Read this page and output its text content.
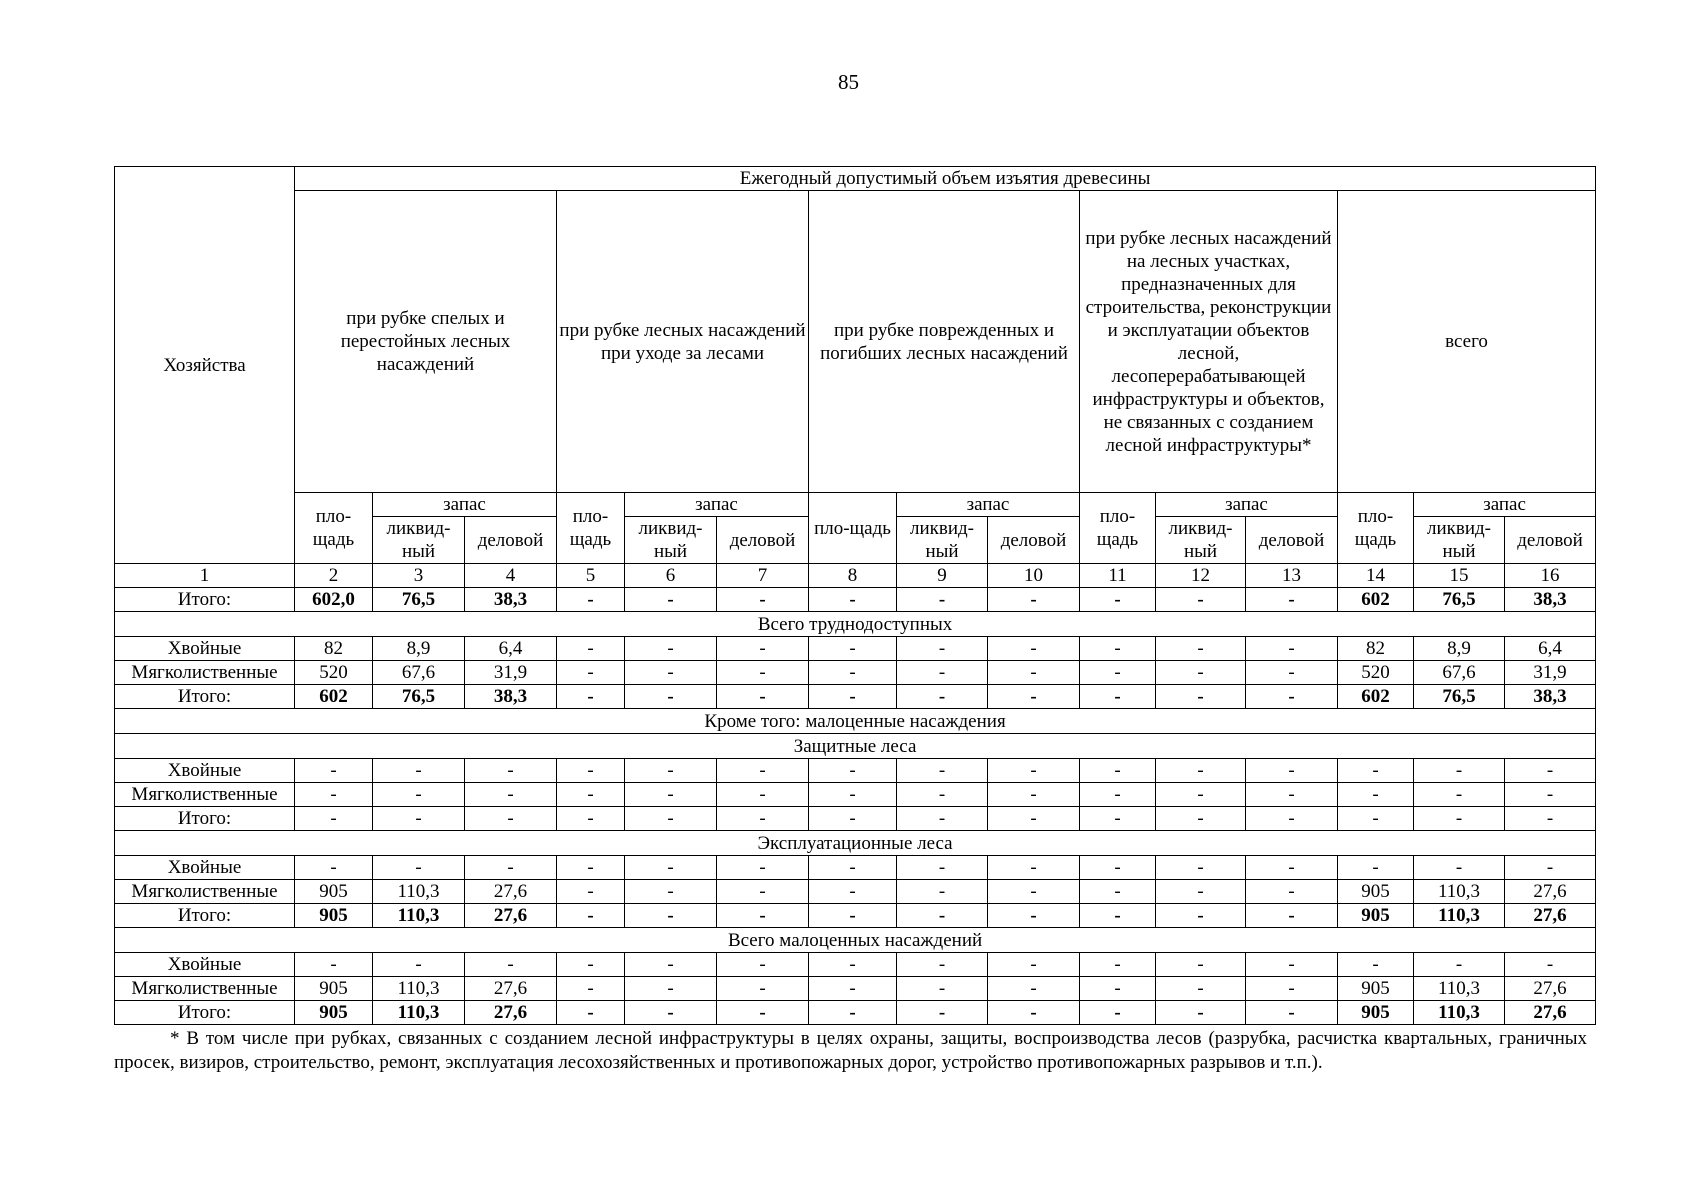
85
Хозяйства	Ежегодный допустимый объем изъятия древесины														
	при рубке спелых и перестойных лесных насаждений			при рубке лесных насаждений при уходе за лесами			при рубке поврежденных и погибших лесных насаждений			при рубке лесных насаждений на лесных участках, предназначенных для строительства, реконструкции и эксплуатации объектов лесной, лесоперерабатывающей инфраструктуры и объектов, не связанных с созданием лесной инфраструктуры*			всего		
	пло-щадь	запас		пло-щадь	запас		пло-щадь	запас		пло-щадь	запас		пло-щадь	запас	
		ликвид-ный	деловой		ликвид-ный	деловой		ликвид-ный	деловой		ликвид-ный	деловой		ликвид-ный	деловой
1	2	3	4	5	6	7	8	9	10	11	12	13	14	15	16
Итого:	602,0	76,5	38,3	-	-	-	-	-	-	-	-	-	602	76,5	38,3
Всего труднодоступных															
Хвойные	82	8,9	6,4	-	-	-	-	-	-	-	-	-	82	8,9	6,4
Мягколиственные	520	67,6	31,9	-	-	-	-	-	-	-	-	-	520	67,6	31,9
Итого:	602	76,5	38,3	-	-	-	-	-	-	-	-	-	602	76,5	38,3
Кроме того: малоценные насаждения															
Защитные леса															
Хвойные	-	-	-	-	-	-	-	-	-	-	-	-	-	-	-
Мягколиственные	-	-	-	-	-	-	-	-	-	-	-	-	-	-	-
Итого:	-	-	-	-	-	-	-	-	-	-	-	-	-	-	-
Эксплуатационные леса															
Хвойные	-	-	-	-	-	-	-	-	-	-	-	-	-	-	-
Мягколиственные	905	110,3	27,6	-	-	-	-	-	-	-	-	-	905	110,3	27,6
Итого:	905	110,3	27,6	-	-	-	-	-	-	-	-	-	905	110,3	27,6
Всего малоценных насаждений															
Хвойные	-	-	-	-	-	-	-	-	-	-	-	-	-	-	-
Мягколиственные	905	110,3	27,6	-	-	-	-	-	-	-	-	-	905	110,3	27,6
Итого:	905	110,3	27,6	-	-	-	-	-	-	-	-	-	905	110,3	27,6
* В том числе при рубках, связанных с созданием лесной инфраструктуры в целях охраны, защиты, воспроизводства лесов (разрубка, расчистка квартальных, граничных просек, визиров, строительство, ремонт, эксплуатация лесохозяйственных и противопожарных дорог, устройство противопожарных разрывов и т.п.).
